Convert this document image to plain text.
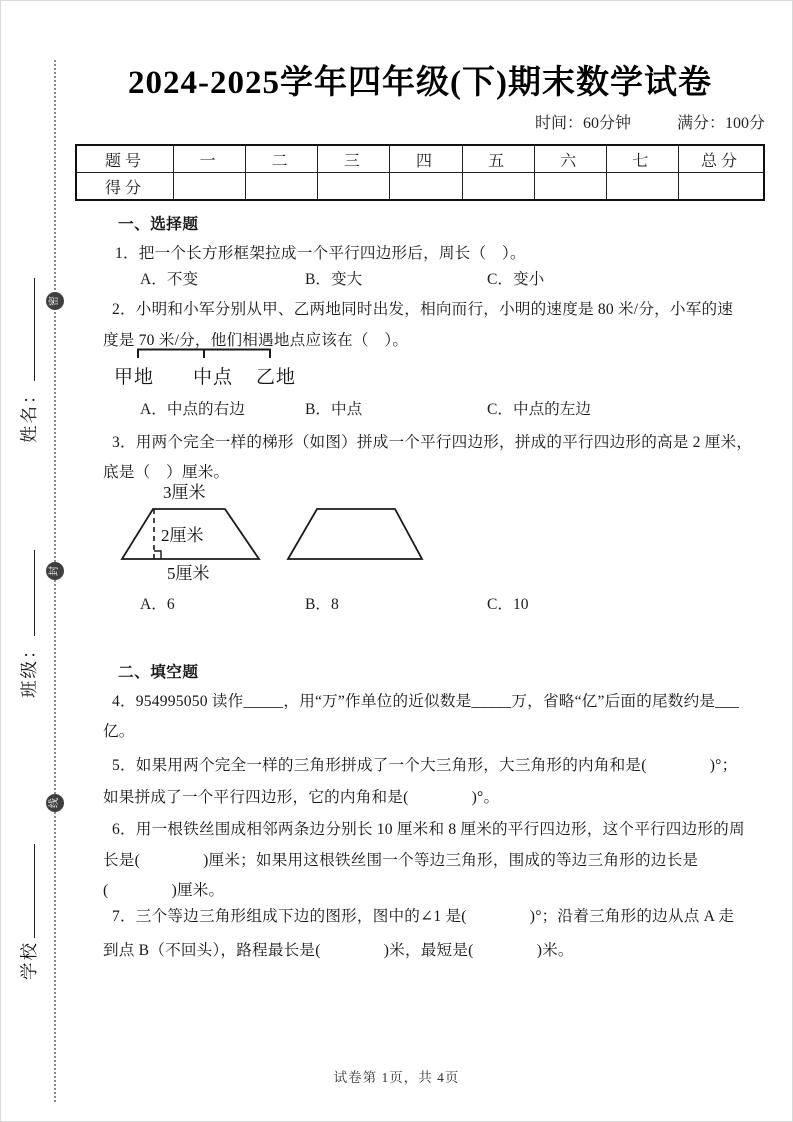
密
封
线
姓名：
班级：
学校
2024-2025学年四年级(下)期末数学试卷
时间：60分钟	满分：100分
题号	一	二	三	四	五	六	七	总分
得分								
一、选择题
1．把一个长方形框架拉成一个平行四边形后，周长（　）。
A．不变	B．变大	C．变小
2．小明和小军分别从甲、乙两地同时出发，相向而行，小明的速度是 80 米/分，小军的速
度是 70 米/分，他们相遇地点应该在（　）。
甲地 中点 乙地
A．中点的右边	B．中点	C．中点的左边
3．用两个完全一样的梯形（如图）拼成一个平行四边形，拼成的平行四边形的高是 2 厘米，
底是（　）厘米。
3厘米
2厘米
5厘米
A．6	B．8	C．10
二、填空题
4．954995050 读作_____，用“万”作单位的近似数是_____万，省略“亿”后面的尾数约是___
亿。
5．如果用两个完全一样的三角形拼成了一个大三角形，大三角形的内角和是(　　　　)°；
如果拼成了一个平行四边形，它的内角和是(　　　　)°。
6．用一根铁丝围成相邻两条边分别长 10 厘米和 8 厘米的平行四边形，这个平行四边形的周
长是(　　　　)厘米；如果用这根铁丝围一个等边三角形，围成的等边三角形的边长是
(　　　　)厘米。
7．三个等边三角形组成下边的图形，图中的∠1 是(　　　　)°；沿着三角形的边从点 A 走
到点 B（不回头），路程最长是(　　　　)米，最短是(　　　　)米。
试卷第 1页，共 4页
